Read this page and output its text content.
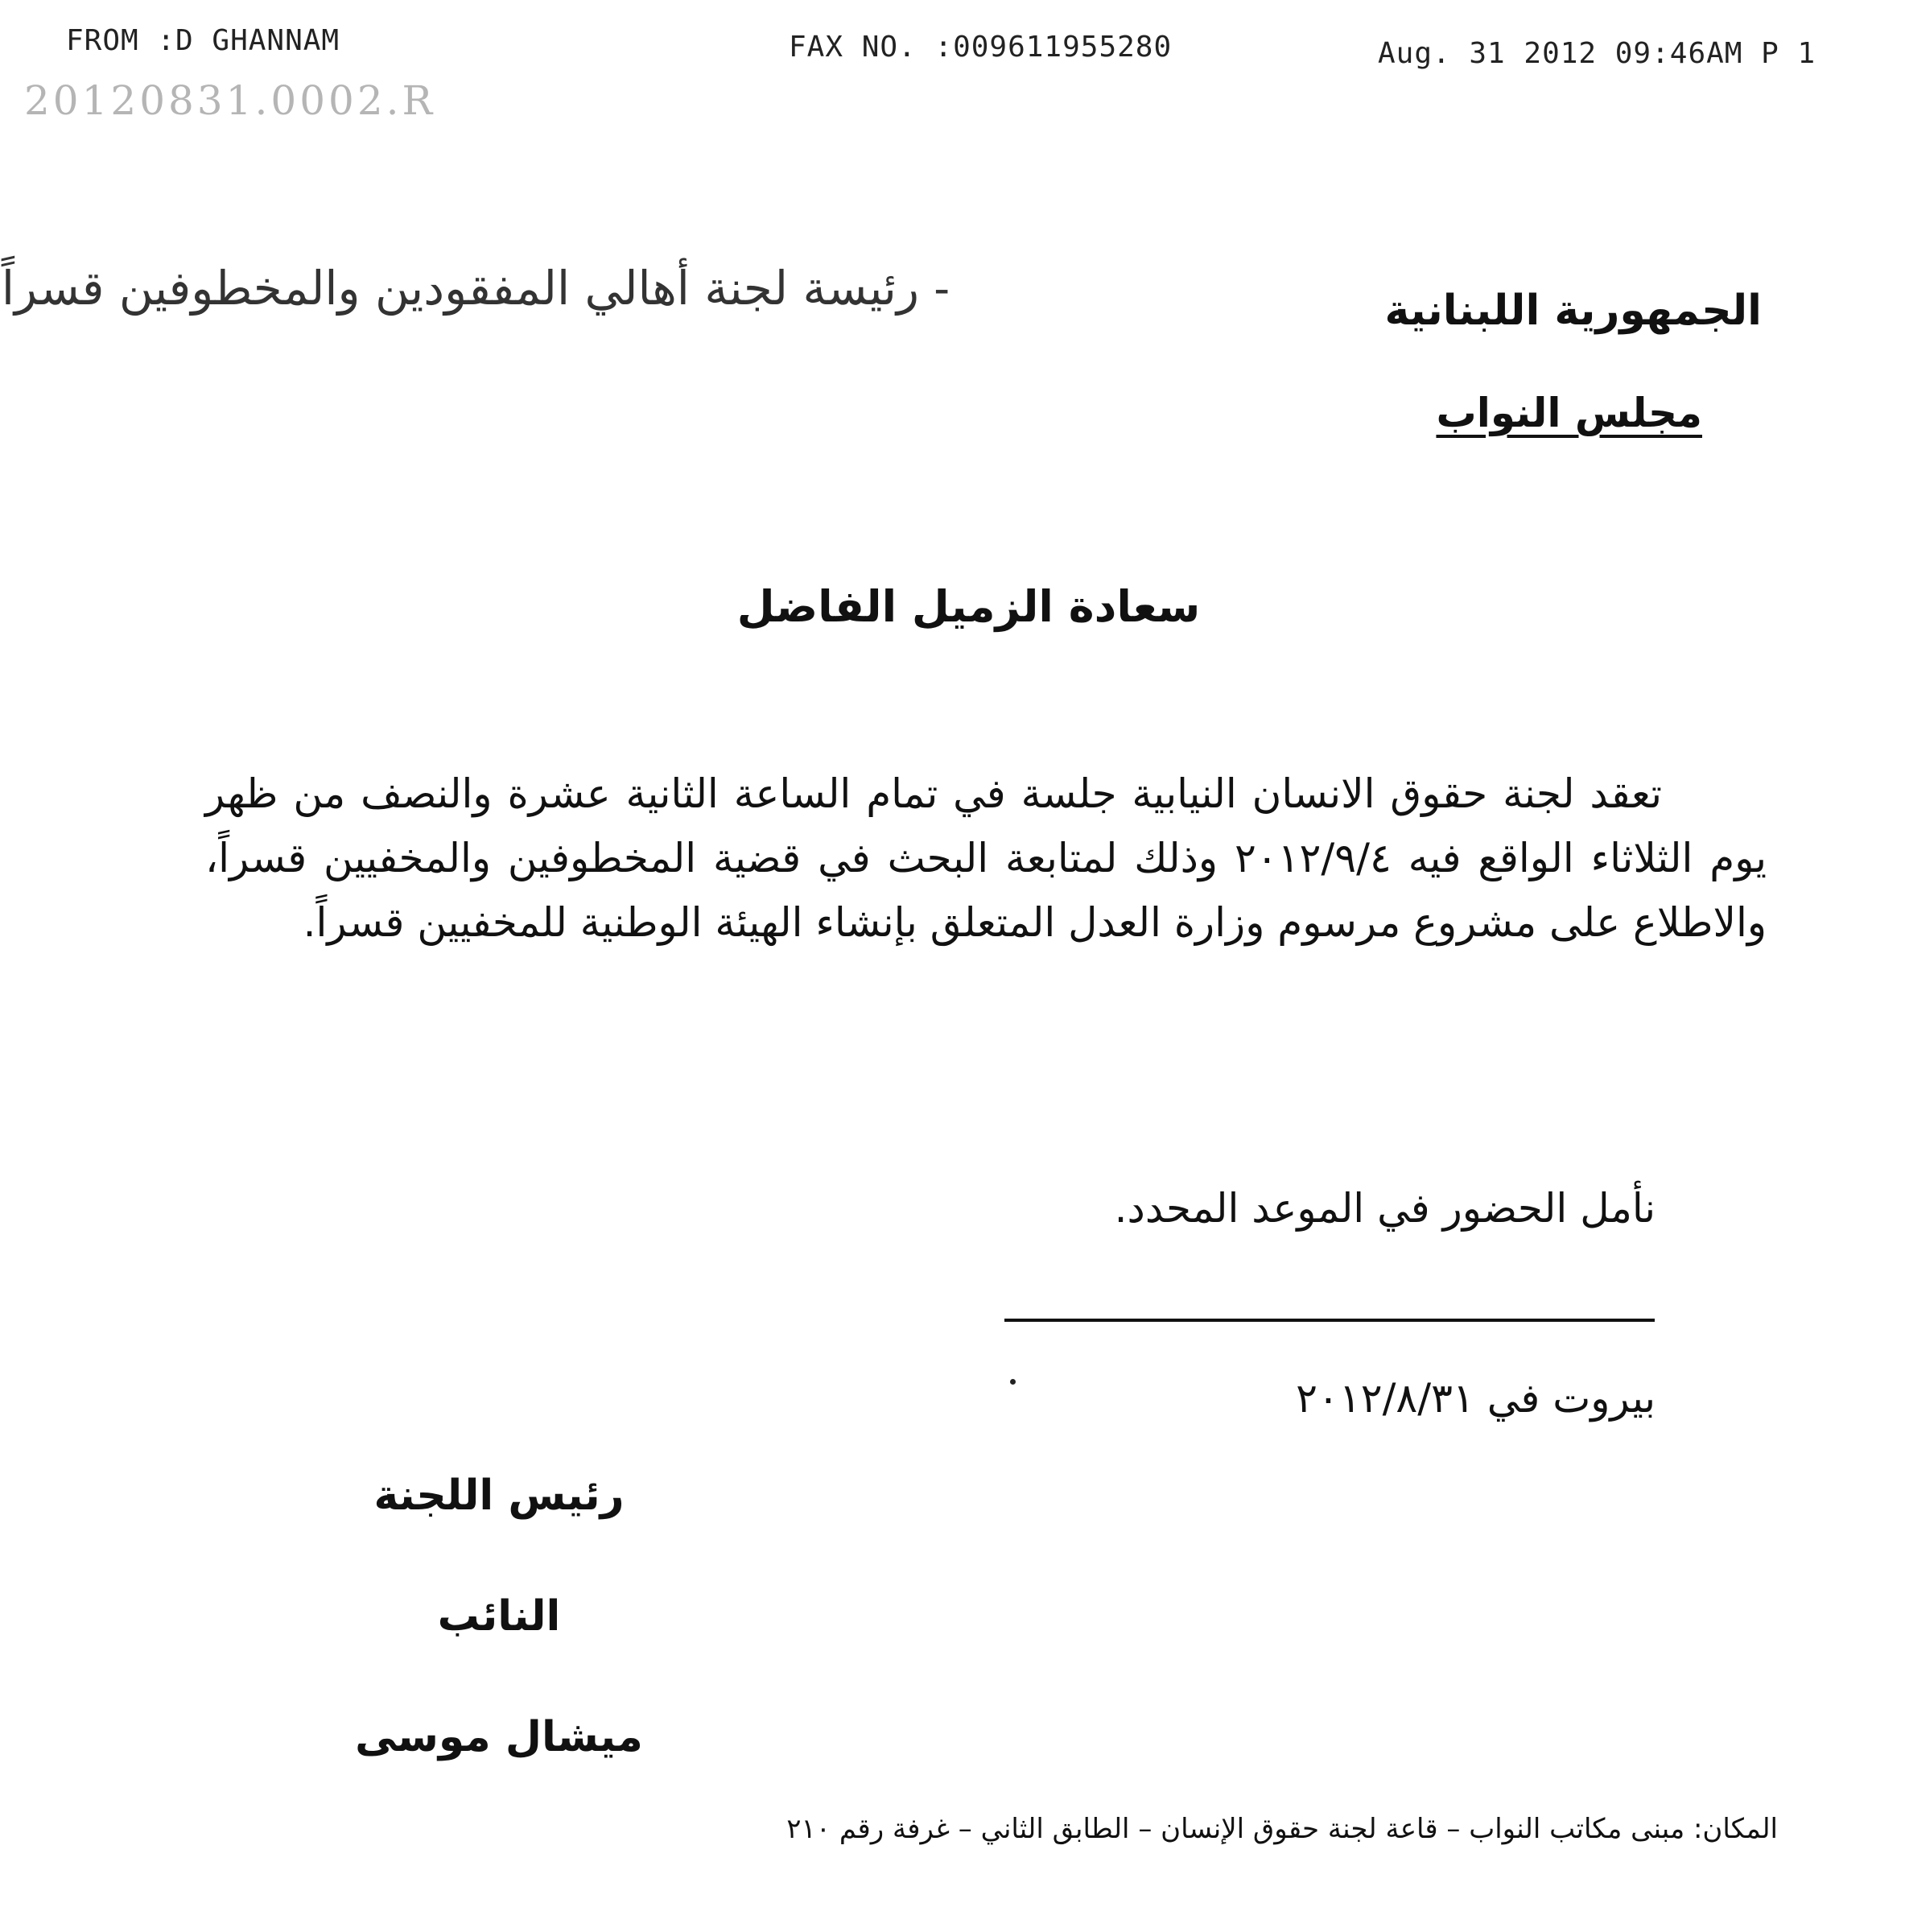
FROM :D GHANNAM	FAX NO. :009611955280	Aug. 31 2012 09:46AM P 1
20120831.0002.R
- رئيسة لجنة أهالي المفقودين والمخطوفين قسراً	الجمهورية اللبنانية
مجلس النواب
سعادة الزميل الفاضل
تعقد لجنة حقوق الانسان النيابية جلسة في تمام الساعة الثانية عشرة والنصف من ظهر يوم الثلاثاء الواقع فيه ٢٠١٢/٩/٤ وذلك لمتابعة البحث في قضية المخطوفين والمخفيين قسراً، والاطلاع على مشروع مرسوم وزارة العدل المتعلق بإنشاء الهيئة الوطنية للمخفيين قسراً.
نأمل الحضور في الموعد المحدد.
بيروت في ٢٠١٢/٨/٣١
رئيس اللجنة
النائب
ميشال موسى
المكان: مبنى مكاتب النواب – قاعة لجنة حقوق الإنسان – الطابق الثاني – غرفة رقم ٢١٠
